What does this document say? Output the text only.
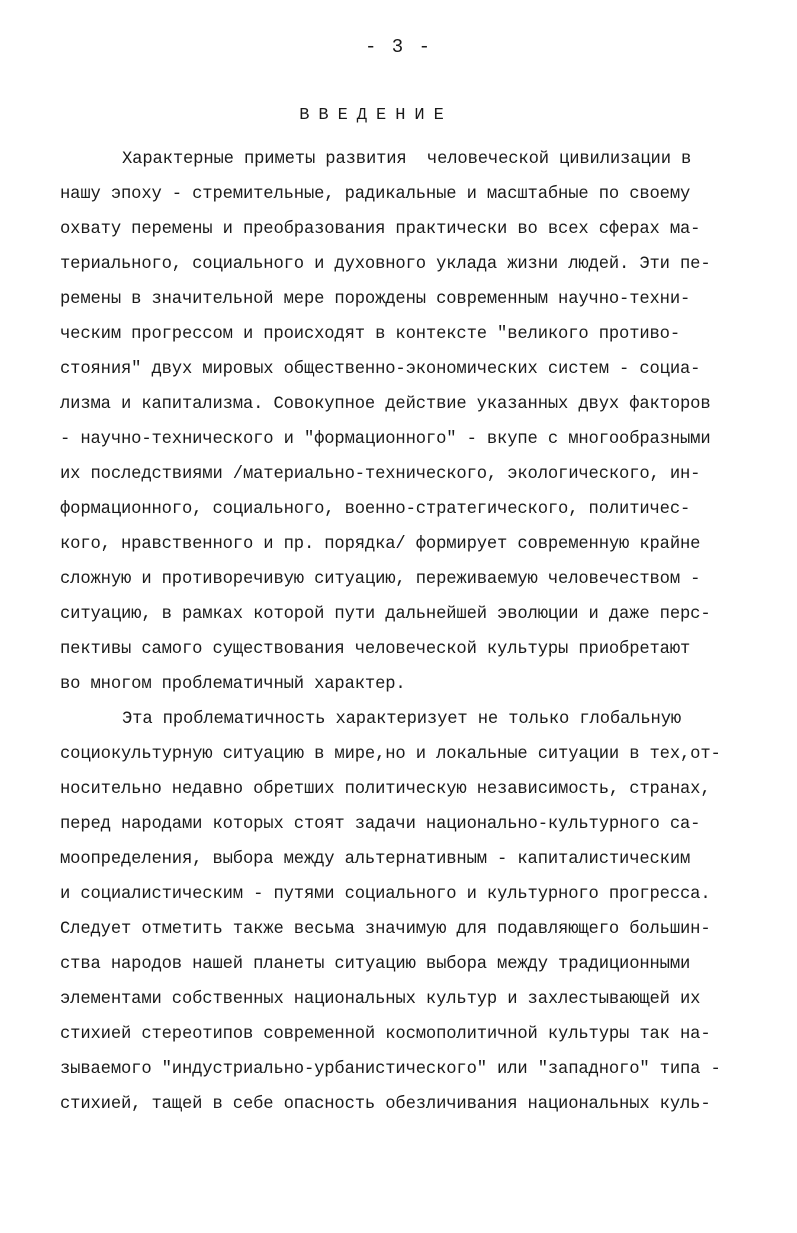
- 3 -
ВВЕДЕНИЕ
Характерные приметы развития  человеческой цивилизации в
нашу эпоху - стремительные, радикальные и масштабные по своему
охвату перемены и преобразования практически во всех сферах ма-
териального, социального и духовного уклада жизни людей. Эти пе-
ремены в значительной мере порождены современным научно-техни-
ческим прогрессом и происходят в контексте "великого противо-
стояния" двух мировых общественно-экономических систем - социа-
лизма и капитализма. Совокупное действие указанных двух факторов
- научно-технического и "формационного" - вкупе с многообразными
их последствиями /материально-технического, экологического, ин-
формационного, социального, военно-стратегического, политичес-
кого, нравственного и пр. порядка/ формирует современную крайне
сложную и противоречивую ситуацию, переживаемую человечеством -
ситуацию, в рамках которой пути дальнейшей эволюции и даже перс-
пективы самого существования человеческой культуры приобретают
во многом проблематичный характер.
Эта проблематичность характеризует не только глобальную
социокультурную ситуацию в мире,но и локальные ситуации в тех,от-
носительно недавно обретших политическую независимость, странах,
перед народами которых стоят задачи национально-культурного са-
моопределения, выбора между альтернативным - капиталистическим
и социалистическим - путями социального и культурного прогресса.
Следует отметить также весьма значимую для подавляющего большин-
ства народов нашей планеты ситуацию выбора между традиционными
элементами собственных национальных культур и захлестывающей их
стихией стереотипов современной космополитичной культуры так на-
зываемого "индустриально-урбанистического" или "западного" типа -
стихией, тащей в себе опасность обезличивания национальных куль-
